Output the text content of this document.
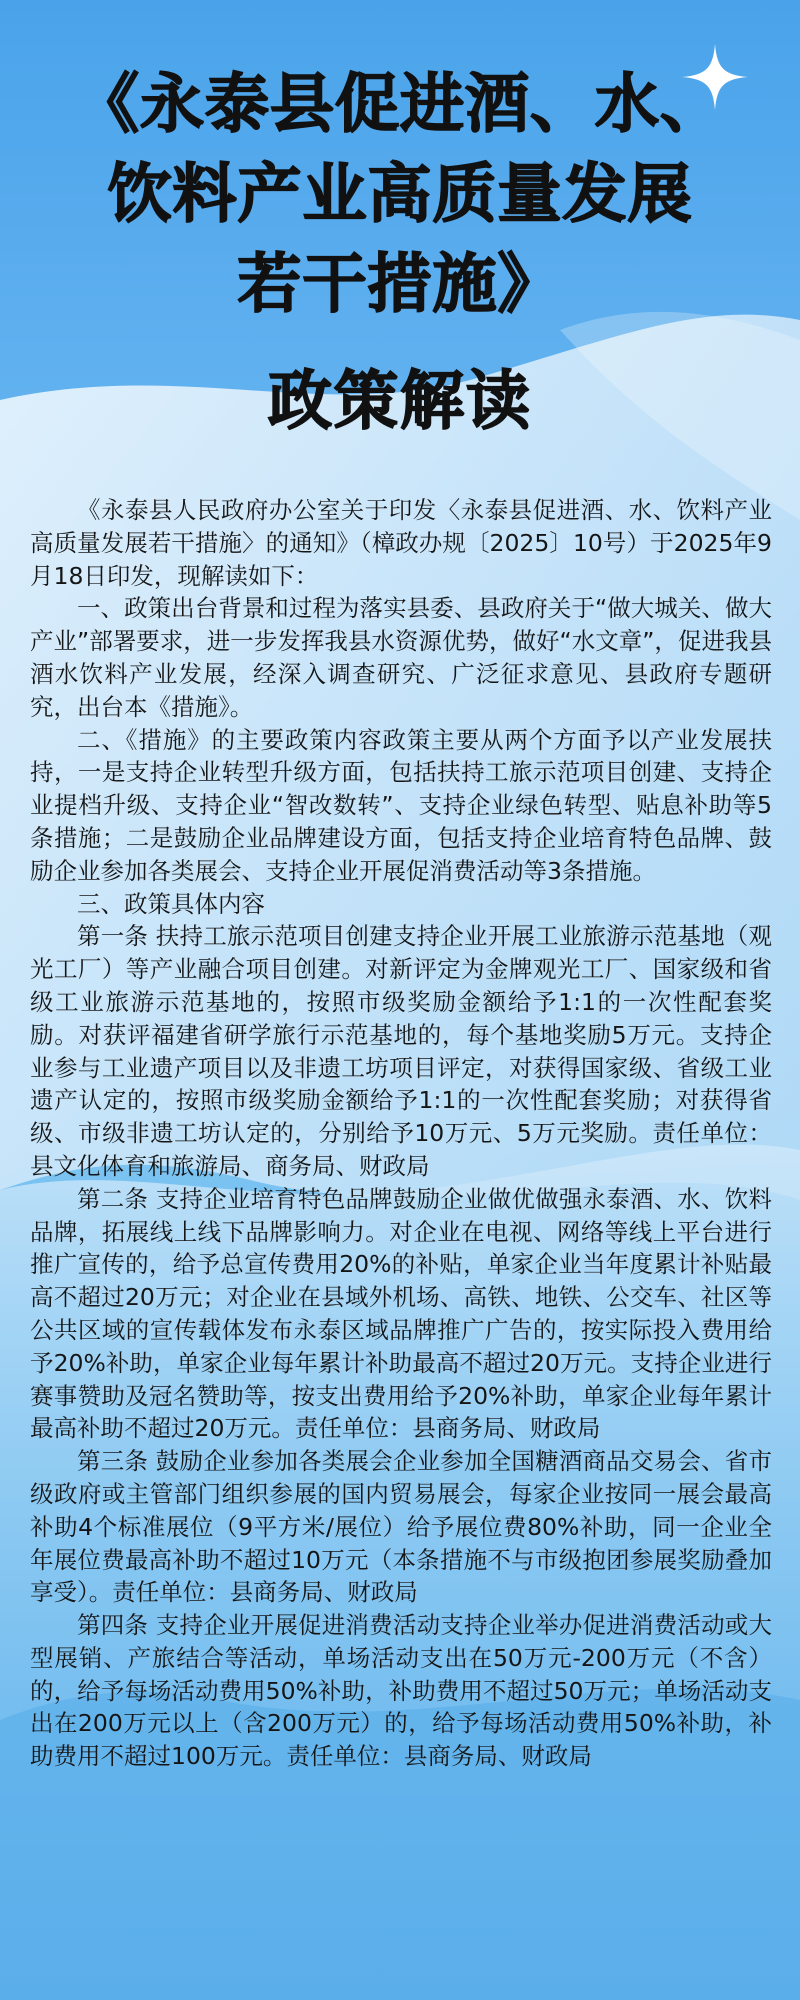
《永泰县促进酒、水、
饮料产业高质量发展
若干措施》
政策解读

《永泰县人民政府办公室关于印发〈永泰县促进酒、水、饮料产业高质量发展若干措施〉的通知》（樟政办规〔2025〕10号）于2025年9月18日印发，现解读如下：

一、政策出台背景和过程为落实县委、县政府关于“做大城关、做大产业”部署要求，进一步发挥我县水资源优势，做好“水文章”，促进我县酒水饮料产业发展，经深入调查研究、广泛征求意见、县政府专题研究，出台本《措施》。

二、《措施》的主要政策内容政策主要从两个方面予以产业发展扶持，一是支持企业转型升级方面，包括扶持工旅示范项目创建、支持企业提档升级、支持企业“智改数转”、支持企业绿色转型、贴息补助等5条措施；二是鼓励企业品牌建设方面，包括支持企业培育特色品牌、鼓励企业参加各类展会、支持企业开展促消费活动等3条措施。

三、政策具体内容

第一条 扶持工旅示范项目创建支持企业开展工业旅游示范基地（观光工厂）等产业融合项目创建。对新评定为金牌观光工厂、国家级和省级工业旅游示范基地的，按照市级奖励金额给予1:1的一次性配套奖励。对获评福建省研学旅行示范基地的，每个基地奖励5万元。支持企业参与工业遗产项目以及非遗工坊项目评定，对获得国家级、省级工业遗产认定的，按照市级奖励金额给予1:1的一次性配套奖励；对获得省级、市级非遗工坊认定的，分别给予10万元、5万元奖励。责任单位：县文化体育和旅游局、商务局、财政局

第二条 支持企业培育特色品牌鼓励企业做优做强永泰酒、水、饮料品牌，拓展线上线下品牌影响力。对企业在电视、网络等线上平台进行推广宣传的，给予总宣传费用20%的补贴，单家企业当年度累计补贴最高不超过20万元；对企业在县域外机场、高铁、地铁、公交车、社区等公共区域的宣传载体发布永泰区域品牌推广广告的，按实际投入费用给予20%补助，单家企业每年累计补助最高不超过20万元。支持企业进行赛事赞助及冠名赞助等，按支出费用给予20%补助，单家企业每年累计最高补助不超过20万元。责任单位：县商务局、财政局

第三条 鼓励企业参加各类展会企业参加全国糖酒商品交易会、省市级政府或主管部门组织参展的国内贸易展会，每家企业按同一展会最高补助4个标准展位（9平方米/展位）给予展位费80%补助，同一企业全年展位费最高补助不超过10万元（本条措施不与市级抱团参展奖励叠加享受）。责任单位：县商务局、财政局

第四条 支持企业开展促进消费活动支持企业举办促进消费活动或大型展销、产旅结合等活动，单场活动支出在50万元-200万元（不含）的，给予每场活动费用50%补助，补助费用不超过50万元；单场活动支出在200万元以上（含200万元）的，给予每场活动费用50%补助，补助费用不超过100万元。责任单位：县商务局、财政局
